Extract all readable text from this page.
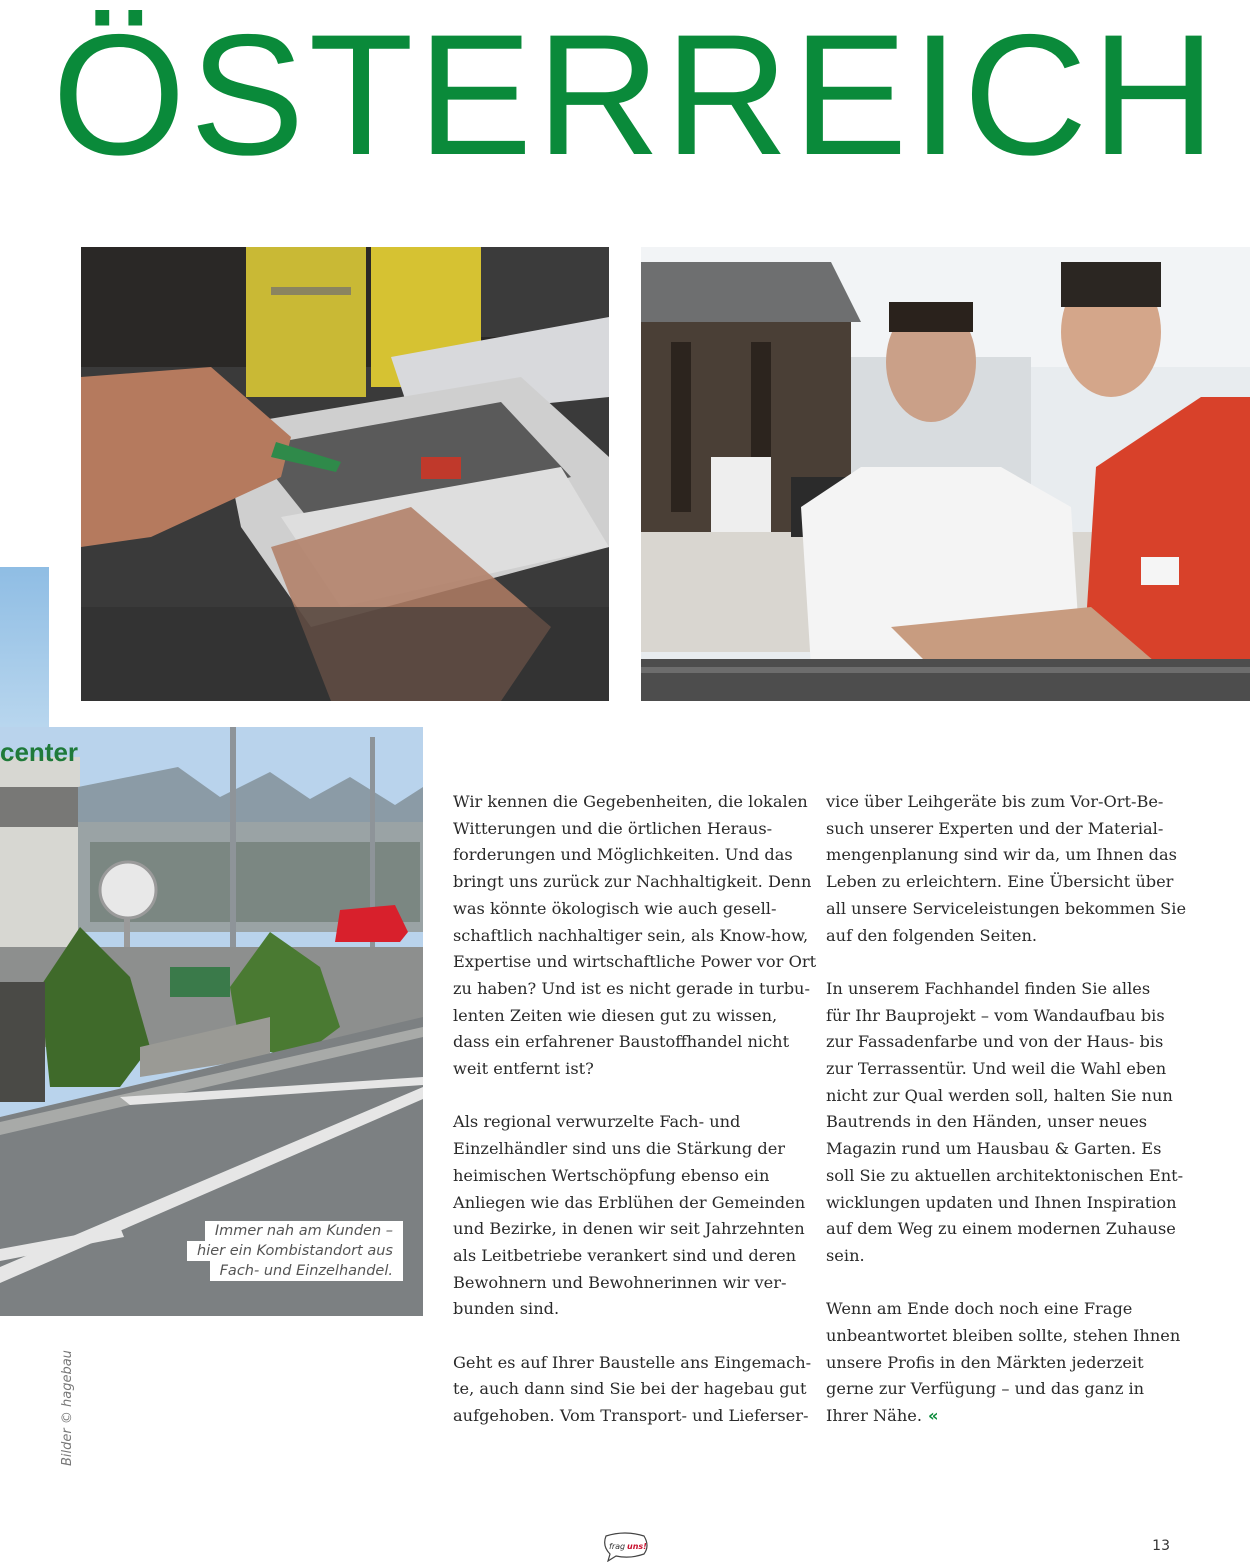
ÖSTERREICH
center
Immer nah am Kunden –
hier ein Kombistandort aus
Fach- und Einzelhandel.
Bilder © hagebau

Wir kennen die Gegebenheiten, die lokalen
Witterungen und die örtlichen Heraus-
forderungen und Möglichkeiten. Und das
bringt uns zurück zur Nachhaltigkeit. Denn
was könnte ökologisch wie auch gesell-
schaftlich nachhaltiger sein, als Know-how,
Expertise und wirtschaftliche Power vor Ort
zu haben? Und ist es nicht gerade in turbu-
lenten Zeiten wie diesen gut zu wissen,
dass ein erfahrener Baustoffhandel nicht
weit entfernt ist?

Als regional verwurzelte Fach- und
Einzelhändler sind uns die Stärkung der
heimischen Wertschöpfung ebenso ein
Anliegen wie das Erblühen der Gemeinden
und Bezirke, in denen wir seit Jahrzehnten
als Leitbetriebe verankert sind und deren
Bewohnern und Bewohnerinnen wir ver-
bunden sind.

Geht es auf Ihrer Baustelle ans Eingemach-
te, auch dann sind Sie bei der hagebau gut
aufgehoben. Vom Transport- und Lieferser-

vice über Leihgeräte bis zum Vor-Ort-Be-
such unserer Experten und der Material-
mengenplanung sind wir da, um Ihnen das
Leben zu erleichtern. Eine Übersicht über
all unsere Serviceleistungen bekommen Sie
auf den folgenden Seiten.

In unserem Fachhandel finden Sie alles
für Ihr Bauprojekt – vom Wandaufbau bis
zur Fassadenfarbe und von der Haus- bis
zur Terrassentür. Und weil die Wahl eben
nicht zur Qual werden soll, halten Sie nun
Bautrends in den Händen, unser neues
Magazin rund um Hausbau & Garten. Es
soll Sie zu aktuellen architektonischen Ent-
wicklungen updaten und Ihnen Inspiration
auf dem Weg zu einem modernen Zuhause
sein.

Wenn am Ende doch noch eine Frage
unbeantwortet bleiben sollte, stehen Ihnen
unsere Profis in den Märkten jederzeit
gerne zur Verfügung – und das ganz in
Ihrer Nähe. «

frag uns!	13
